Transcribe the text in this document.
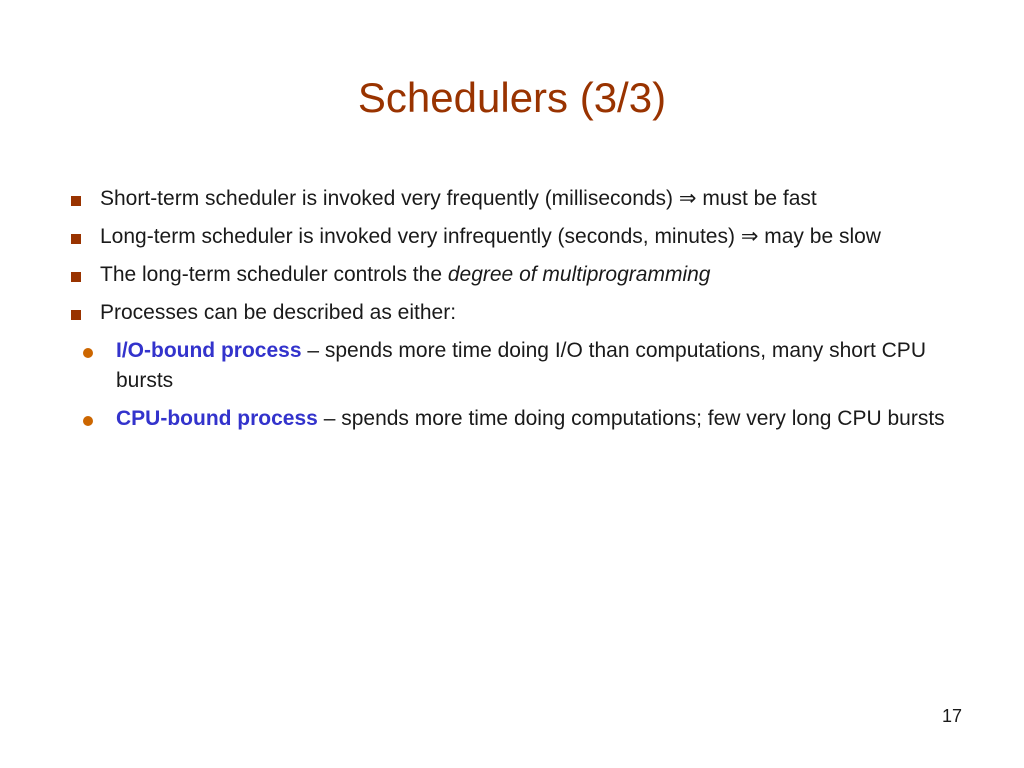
Schedulers (3/3)
Short-term scheduler is invoked very frequently (milliseconds) ⇒ must be fast
Long-term scheduler is invoked very infrequently (seconds, minutes) ⇒ may be slow
The long-term scheduler controls the degree of multiprogramming
Processes can be described as either:
I/O-bound process – spends more time doing I/O than computations, many short CPU bursts
CPU-bound process – spends more time doing computations; few very long CPU bursts
17
